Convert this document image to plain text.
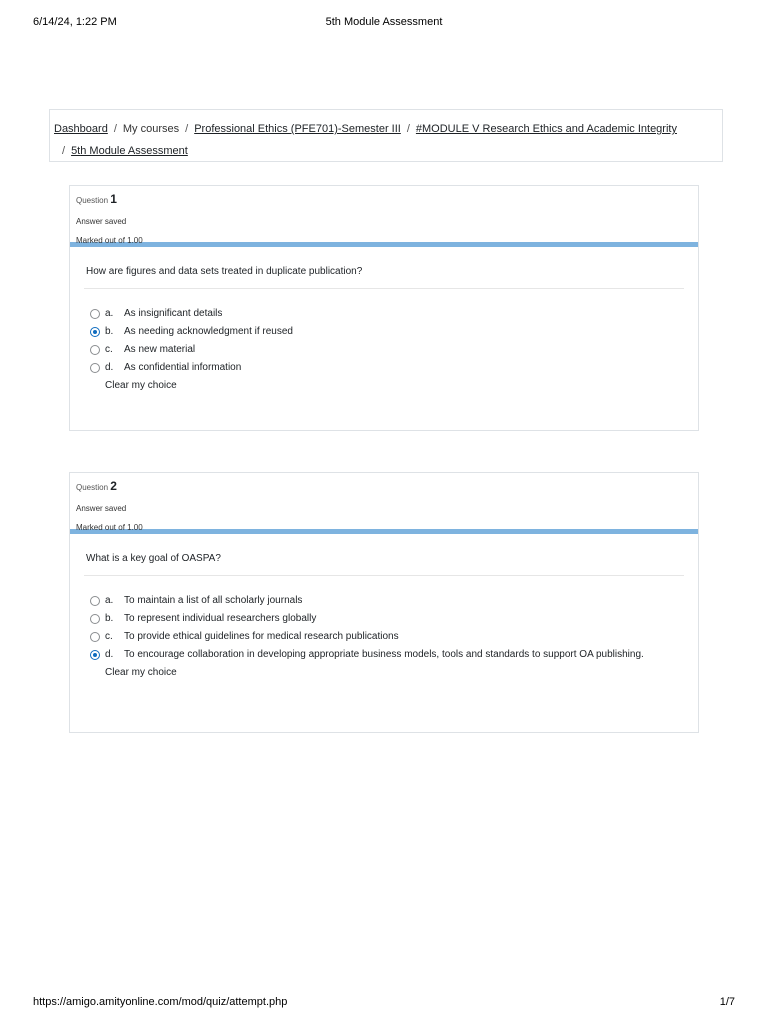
6/14/24, 1:22 PM	5th Module Assessment
Dashboard / My courses / Professional Ethics (PFE701)-Semester III / #MODULE V Research Ethics and Academic Integrity
/ 5th Module Assessment
Question 1
Answer saved
Marked out of 1.00
How are figures and data sets treated in duplicate publication?
a. As insignificant details
b. As needing acknowledgment if reused
c. As new material
d. As confidential information
Clear my choice
Question 2
Answer saved
Marked out of 1.00
What is a key goal of OASPA?
a. To maintain a list of all scholarly journals
b. To represent individual researchers globally
c. To provide ethical guidelines for medical research publications
d. To encourage collaboration in developing appropriate business models, tools and standards to support OA publishing.
Clear my choice
https://amigo.amityonline.com/mod/quiz/attempt.php	1/7
